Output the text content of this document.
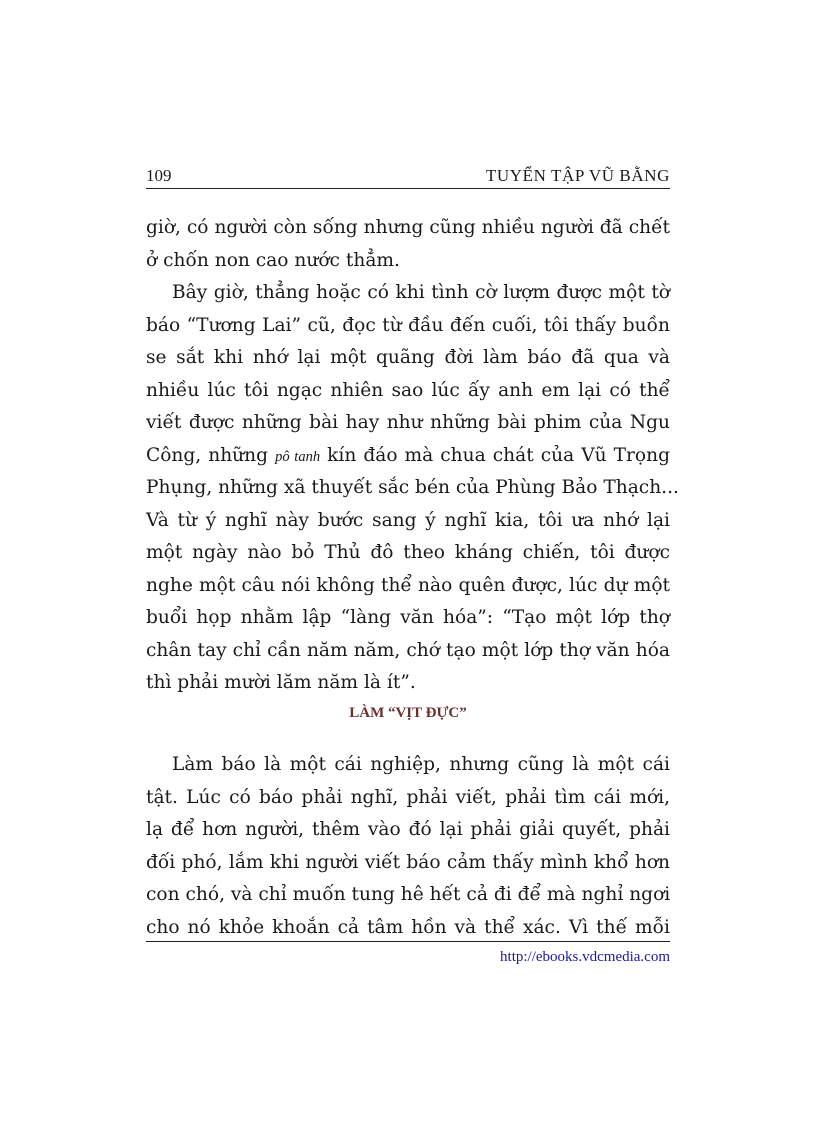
109	TUYỂN TẬP VŨ BẰNG
giờ, có người còn sống nhưng cũng nhiều người đã chết
ở chốn non cao nước thẳm.
Bây giờ, thẳng hoặc có khi tình cờ lượm được một tờ
báo “Tương Lai” cũ, đọc từ đầu đến cuối, tôi thấy buồn
se sắt khi nhớ lại một quãng đời làm báo đã qua và
nhiều lúc tôi ngạc nhiên sao lúc ấy anh em lại có thể
viết được những bài hay như những bài phim của Ngu
Công, những pô tanh kín đáo mà chua chát của Vũ Trọng
Phụng, những xã thuyết sắc bén của Phùng Bảo Thạch...
Và từ ý nghĩ này bước sang ý nghĩ kia, tôi ưa nhớ lại
một ngày nào bỏ Thủ đô theo kháng chiến, tôi được
nghe một câu nói không thể nào quên được, lúc dự một
buổi họp nhằm lập “làng văn hóa”: “Tạo một lớp thợ
chân tay chỉ cần năm năm, chớ tạo một lớp thợ văn hóa
thì phải mười lăm năm là ít”.
LÀM “VỊT ĐỰC”
Làm báo là một cái nghiệp, nhưng cũng là một cái
tật. Lúc có báo phải nghĩ, phải viết, phải tìm cái mới,
lạ để hơn người, thêm vào đó lại phải giải quyết, phải
đối phó, lắm khi người viết báo cảm thấy mình khổ hơn
con chó, và chỉ muốn tung hê hết cả đi để mà nghỉ ngơi
cho nó khỏe khoắn cả tâm hồn và thể xác. Vì thế mỗi
http://ebooks.vdcmedia.com
